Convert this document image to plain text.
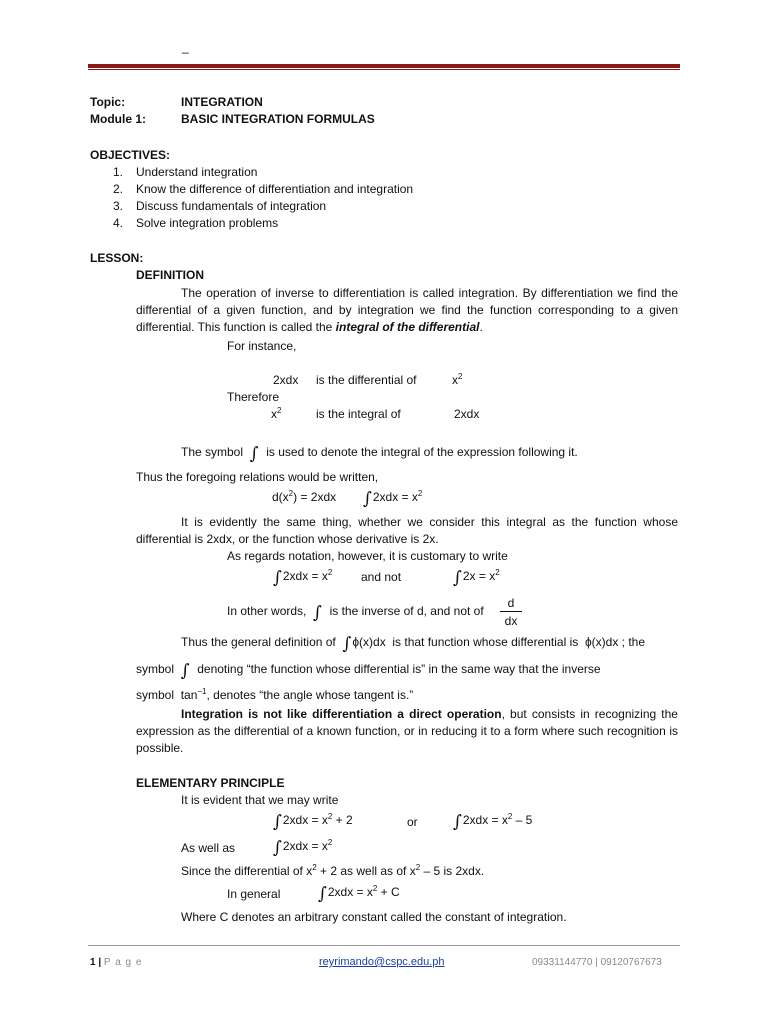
_
Topic:	INTEGRATION
Module 1:	BASIC INTEGRATION FORMULAS
OBJECTIVES:
1. Understand integration
2. Know the difference of differentiation and integration
3. Discuss fundamentals of integration
4. Solve integration problems
LESSON:
DEFINITION
The operation of inverse to differentiation is called integration. By differentiation we find the differential of a given function, and by integration we find the function corresponding to a given differential. This function is called the integral of the differential.
For instance,
2xdx is the differential of	$x^2$
Therefore
$x^2$	is the integral of	2xdx
The symbol ∫ is used to denote the integral of the expression following it.
Thus the foregoing relations would be written,
$d(x^2) = 2xdx$ $\int 2xdx = x^2$
It is evidently the same thing, whether we consider this integral as the function whose differential is 2xdx, or the function whose derivative is 2x.
As regards notation, however, it is customary to write
$\int 2xdx = x^2$ and not	$\int 2x = x^2$
In other words, ∫ is the inverse of d, and not of $\frac{d}{dx}$
Thus the general definition of ∫ϕ(x)dx is that function whose differential is ϕ(x)dx ; the
symbol ∫ denoting “the function whose differential is” in the same way that the inverse
symbol $\tan^{-1}$, denotes “the angle whose tangent is.”
Integration is not like differentiation a direct operation, but consists in recognizing the expression as the differential of a known function, or in reducing it to a form where such recognition is possible.
ELEMENTARY PRINCIPLE
It is evident that we may write
$\int 2xdx = x^2 + 2$	or $\int 2xdx = x^2 - 5$
As well as $\int 2xdx = x^2$
Since the differential of $x^2 + 2$ as well as of $x^2 - 5$ is 2xdx.
In general $\int 2xdx = x^2 + C$
Where C denotes an arbitrary constant called the constant of integration.
1 | P a g e	reyrimando@cspc.edu.ph	09331144770 | 09120767673
